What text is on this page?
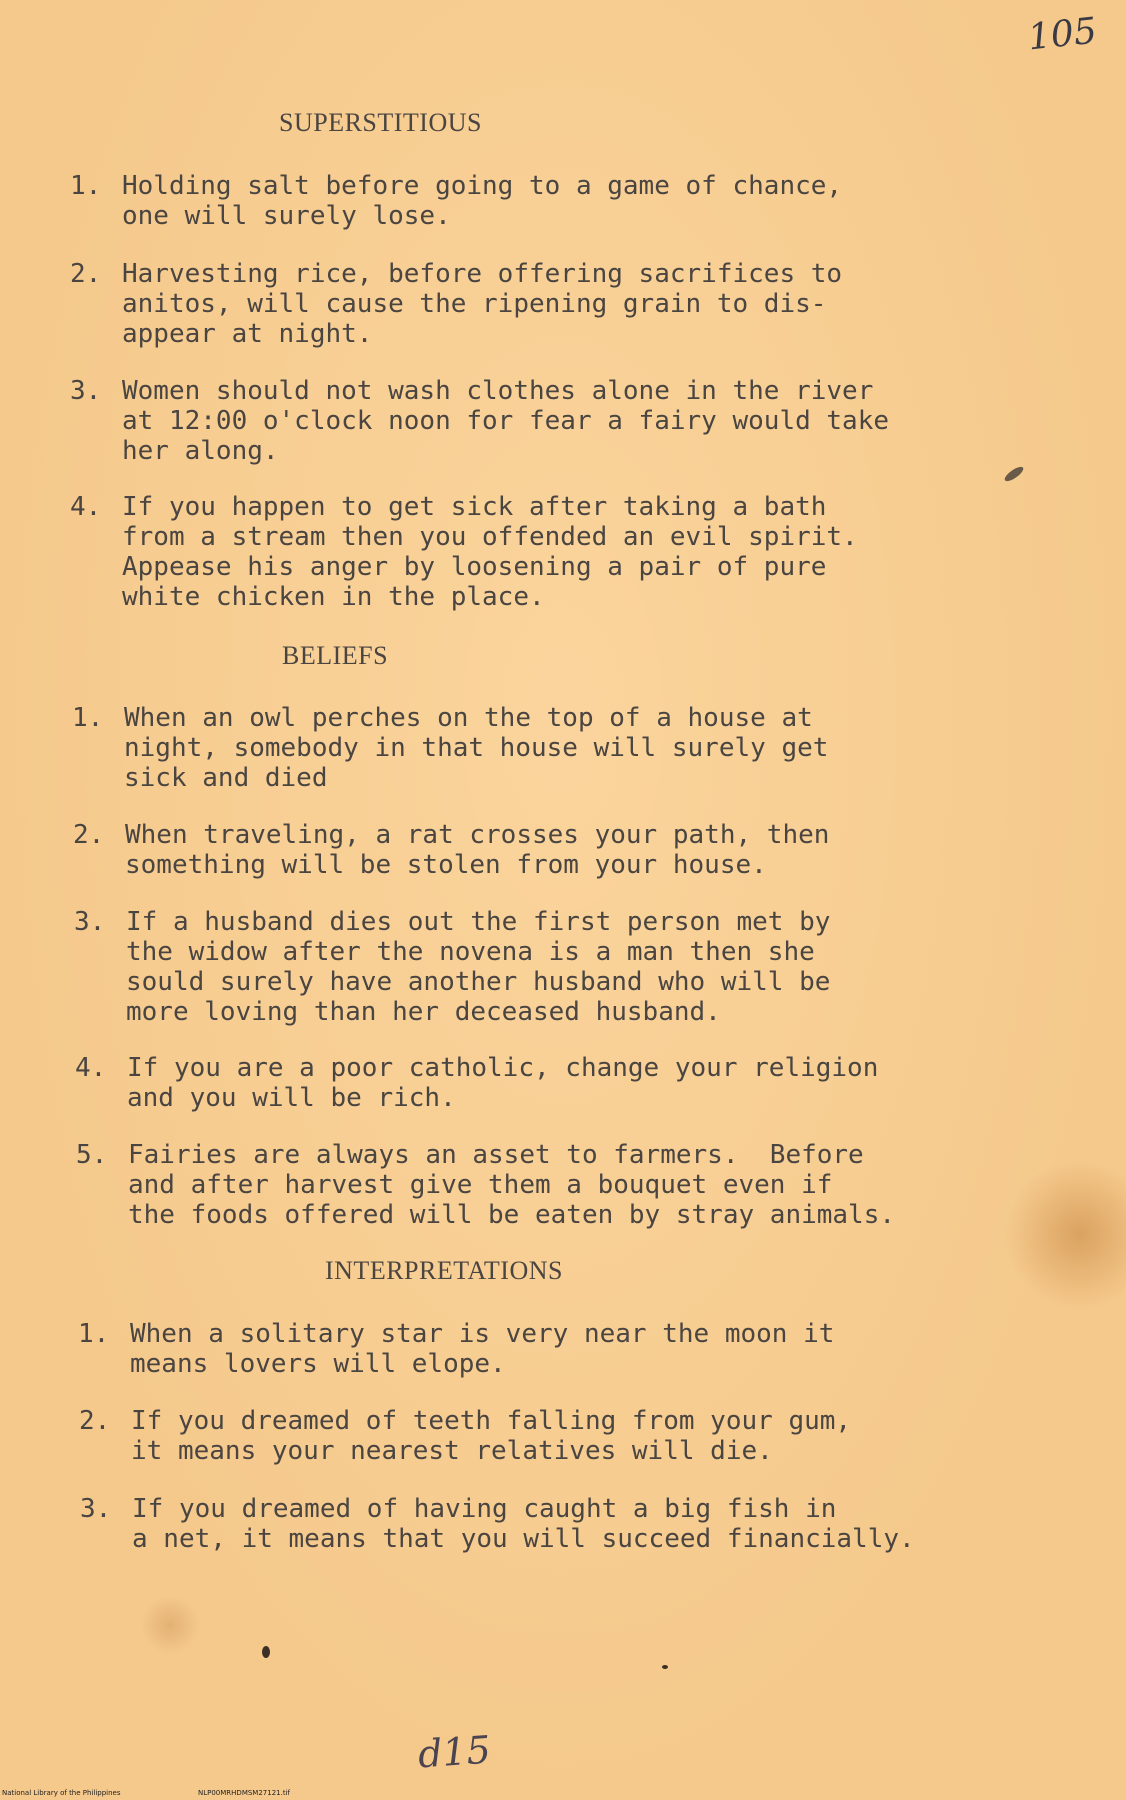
105
SUPERSTITIOUS

1.

Holding salt before going to a game of chance,

one will surely lose.

2.

Harvesting rice, before offering sacrifices to

anitos, will cause the ripening grain to dis-

appear at night.

3.

Women should not wash clothes alone in the river

at 12:00 o'clock noon for fear a fairy would take

her along.

4.

If you happen to get sick after taking a bath

from a stream then you offended an evil spirit.

Appease his anger by loosening a pair of pure

white chicken in the place.

BELIEFS

1.

When an owl perches on the top of a house at

night, somebody in that house will surely get

sick and died

2.

When traveling, a rat crosses your path, then

something will be stolen from your house.

3.

If a husband dies out the first person met by

the widow after the novena is a man then she

sould surely have another husband who will be

more loving than her deceased husband.

4.

If you are a poor catholic, change your religion

and you will be rich.

5.

Fairies are always an asset to farmers.  Before

and after harvest give them a bouquet even if

the foods offered will be eaten by stray animals.

INTERPRETATIONS

1.

When a solitary star is very near the moon it

means lovers will elope.

2.

If you dreamed of teeth falling from your gum,

it means your nearest relatives will die.

3.

If you dreamed of having caught a big fish in

a net, it means that you will succeed financially.

d15
National Library of the Philippines	NLP00MRHDMSM27121.tif
